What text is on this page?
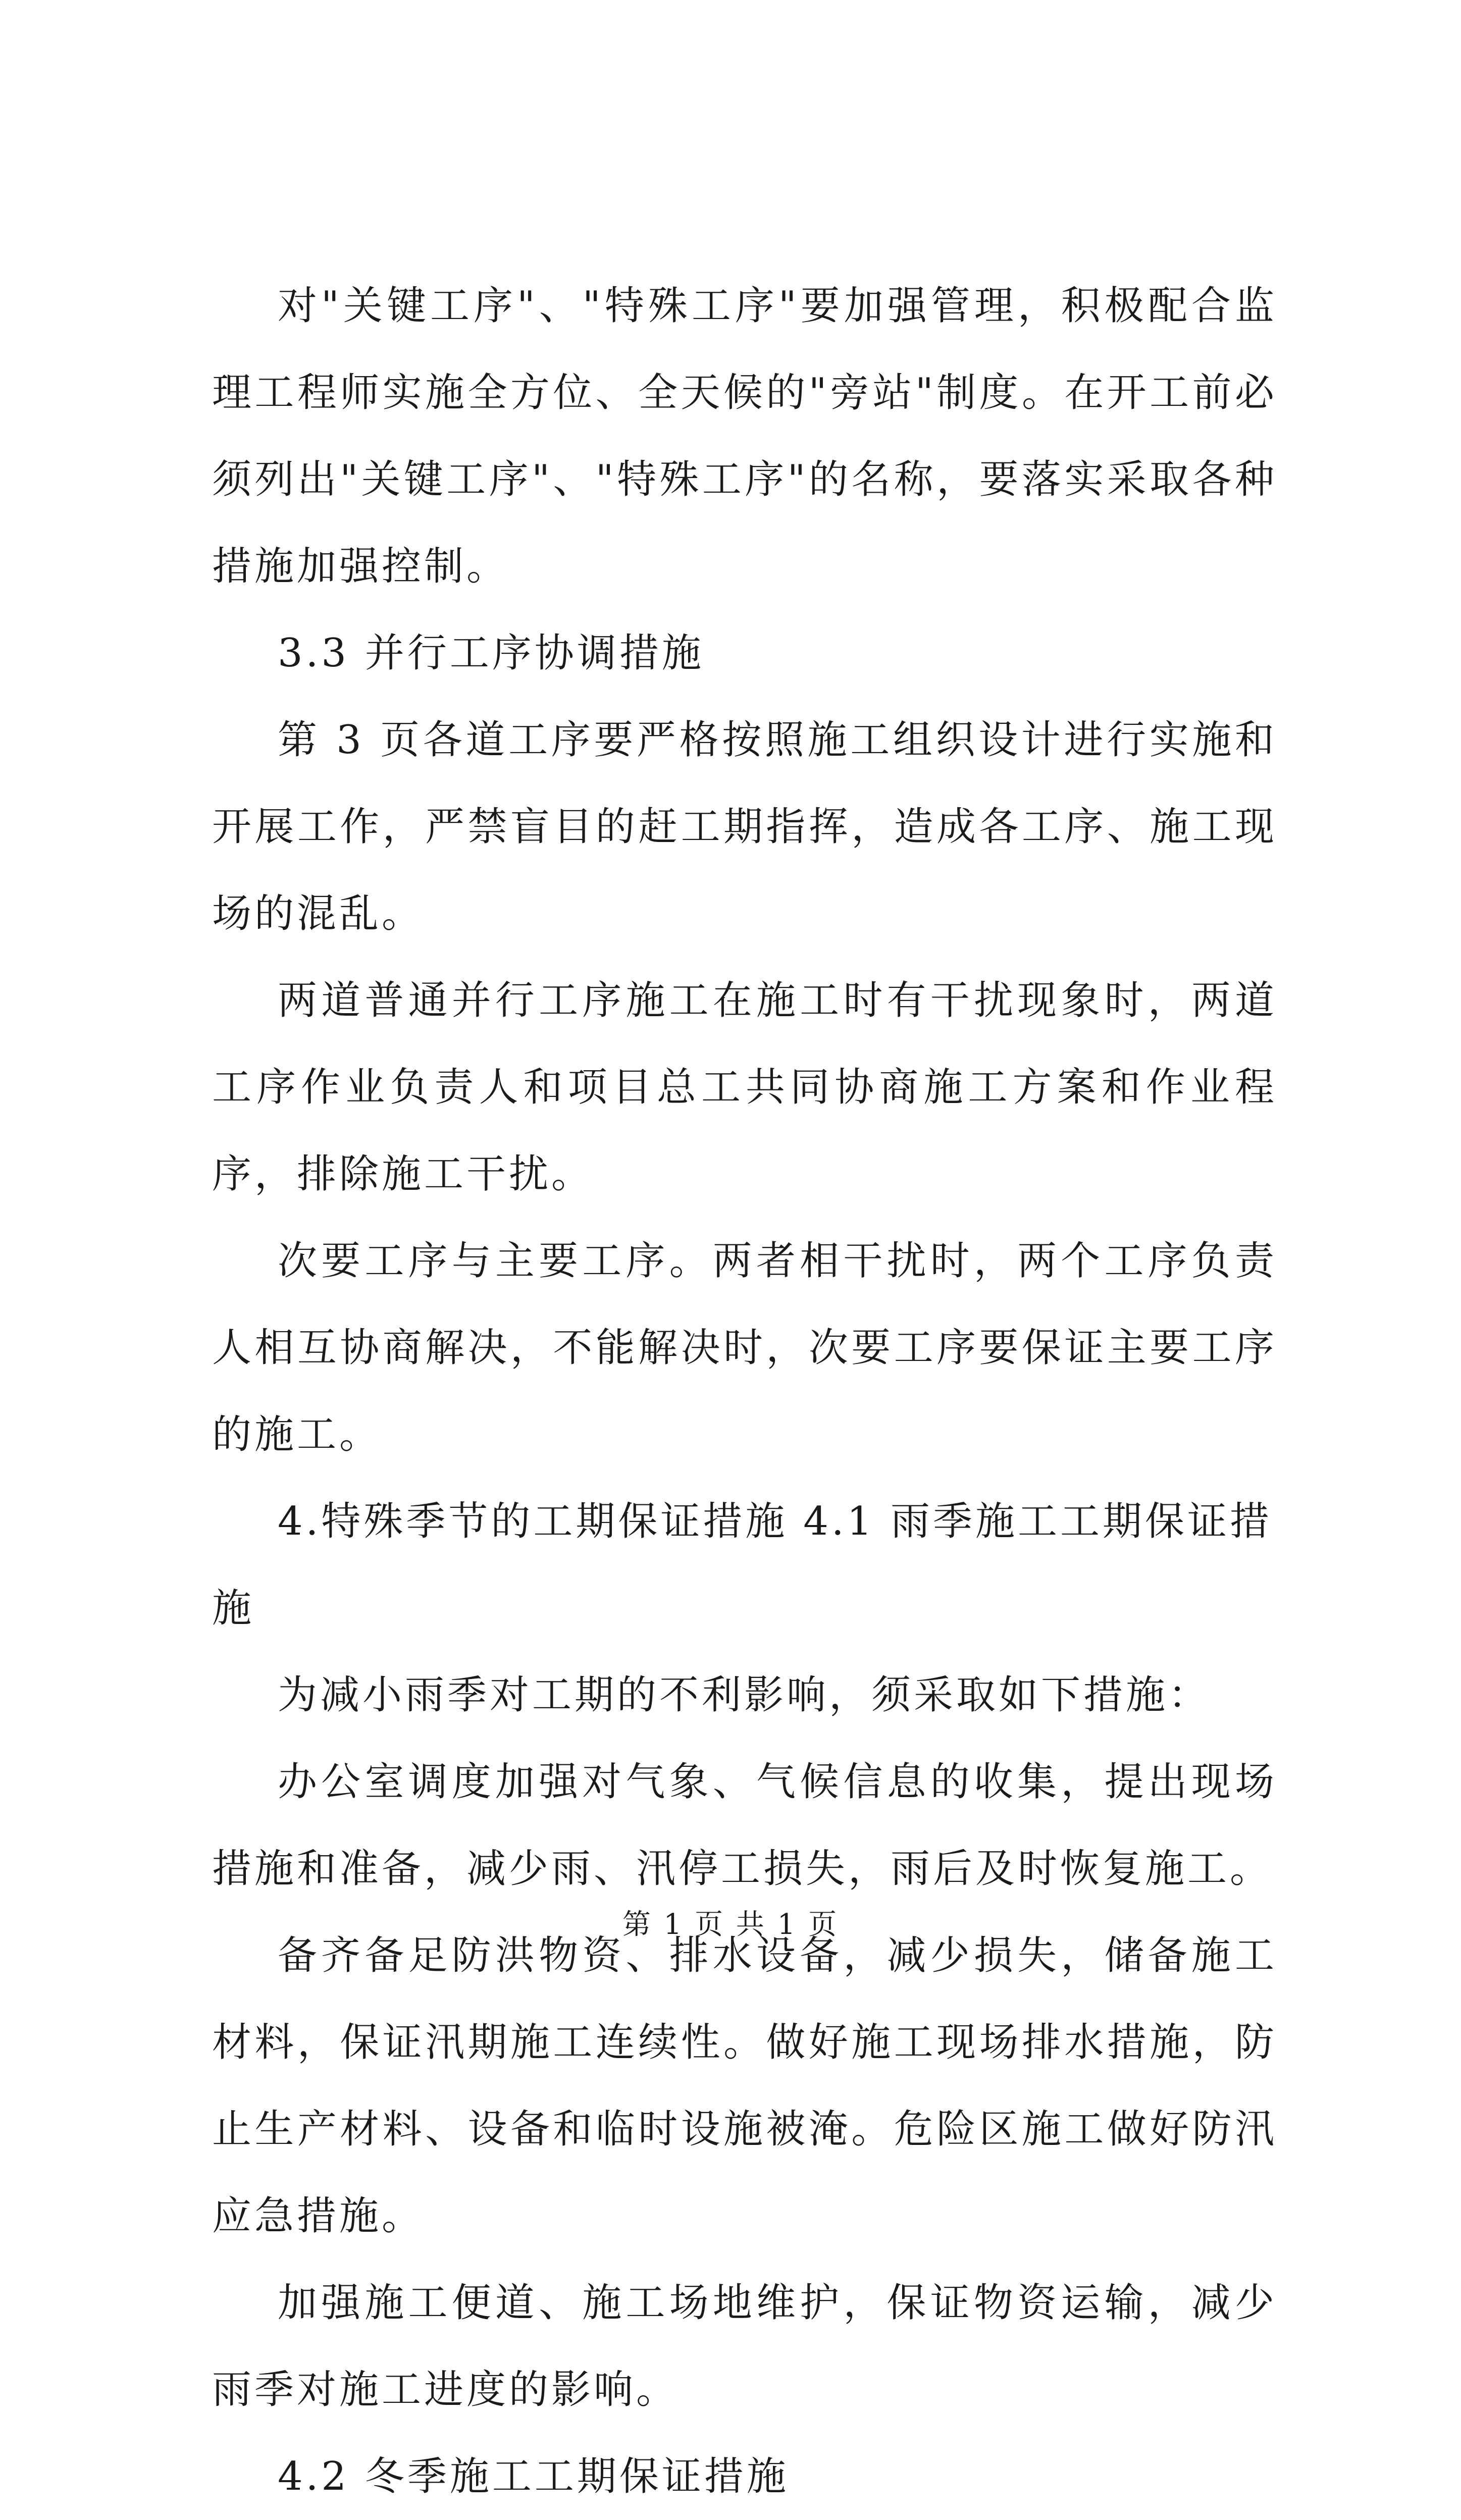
对"关键工序"、"特殊工序"要加强管理，积极配合监理工程师实施全方位、全天候的"旁站"制度。在开工前必须列出"关键工序"、"特殊工序"的名称，要落实采取各种措施加强控制。

3.3 并行工序协调措施

第 3 页各道工序要严格按照施工组织设计进行实施和开展工作，严禁盲目的赶工期指挥，造成各工序、施工现场的混乱。

两道普通并行工序施工在施工时有干扰现象时，两道工序作业负责人和项目总工共同协商施工方案和作业程序，排除施工干扰。

次要工序与主要工序。两者相干扰时，两个工序负责人相互协商解决，不能解决时，次要工序要保证主要工序的施工。

4.特殊季节的工期保证措施 4.1 雨季施工工期保证措施

为减小雨季对工期的不利影响，须采取如下措施：

办公室调度加强对气象、气候信息的收集，提出现场措施和准备，减少雨、汛停工损失，雨后及时恢复施工。

备齐备足防洪物资、排水设备，减少损失，储备施工材料，保证汛期施工连续性。做好施工现场排水措施，防止生产材料、设备和临时设施被淹。危险区施工做好防汛应急措施。

加强施工便道、施工场地维护，保证物资运输，减少雨季对施工进度的影响。

4.2 冬季施工工期保证措施

第 1 页 共 1 页
